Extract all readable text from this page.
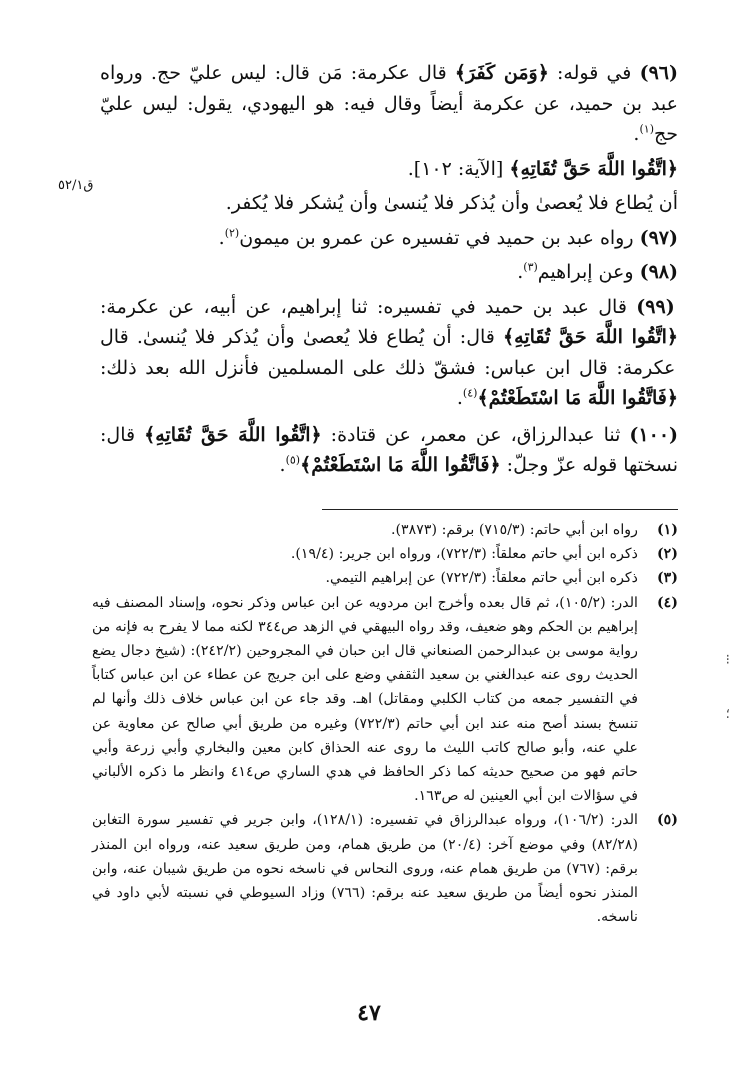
(٩٦) في قوله: ﴿وَمَن كَفَرَ﴾ قال عكرمة: مَن قال: ليس عليّ حج. ورواه عبد بن حميد، عن عكرمة أيضاً وقال فيه: هو اليهودي، يقول: ليس عليّ حج$^{(١)}$.

﴿اتَّقُوا اللَّهَ حَقَّ تُقَاتِهِ﴾ [الآية: ١٠٢].

أن يُطاع فلا يُعصىٰ وأن يُذكر فلا يُنسىٰ وأن يُشكر فلا يُكفر.

(٩٧) رواه عبد بن حميد في تفسيره عن عمرو بن ميمون$^{(٢)}$.

(٩٨) وعن إبراهيم$^{(٣)}$.

(٩٩) قال عبد بن حميد في تفسيره: ثنا إبراهيم، عن أبيه، عن عكرمة: ﴿اتَّقُوا اللَّهَ حَقَّ تُقَاتِهِ﴾ قال: أن يُطاع فلا يُعصىٰ وأن يُذكر فلا يُنسىٰ. قال عكرمة: قال ابن عباس: فشقّ ذلك على المسلمين فأنزل الله بعد ذلك: ﴿فَاتَّقُوا اللَّهَ مَا اسْتَطَعْتُمْ﴾$^{(٤)}$.

(١٠٠) ثنا عبدالرزاق، عن معمر، عن قتادة: ﴿اتَّقُوا اللَّهَ حَقَّ تُقَاتِهِ﴾ قال: نسختها قوله عزّ وجلّ: ﴿فَاتَّقُوا اللَّهَ مَا اسْتَطَعْتُمْ﴾$^{(٥)}$.

ق٥٢/١
⁝
؛
(١)
رواه ابن أبي حاتم: (٧١٥/٣) برقم: (٣٨٧٣).
(٢)
ذكره ابن أبي حاتم معلقاً: (٧٢٢/٣)، ورواه ابن جرير: (١٩/٤).
(٣)
ذكره ابن أبي حاتم معلقاً: (٧٢٢/٣) عن إبراهيم التيمي.
(٤)
الدر: (١٠٥/٢)، ثم قال بعده وأخرج ابن مردويه عن ابن عباس وذكر نحوه، وإسناد المصنف فيه إبراهيم بن الحكم وهو ضعيف، وقد رواه البيهقي في الزهد ص٣٤٤ لكنه مما لا يفرح به فإنه من رواية موسى بن عبدالرحمن الصنعاني قال ابن حبان في المجروحين (٢٤٢/٢): (شيخ دجال يضع الحديث روى عنه عبدالغني بن سعيد الثقفي وضع على ابن جريج عن عطاء عن ابن عباس كتاباً في التفسير جمعه من كتاب الكلبي ومقاتل) اهـ. وقد جاء عن ابن عباس خلاف ذلك وأنها لم تنسخ بسند أصح منه عند ابن أبي حاتم (٧٢٢/٣) وغيره من طريق أبي صالح عن معاوية عن علي عنه، وأبو صالح كاتب الليث ما روى عنه الحذاق كابن معين والبخاري وأبي زرعة وأبي حاتم فهو من صحيح حديثه كما ذكر الحافظ في هدي الساري ص٤١٤ وانظر ما ذكره الألباني في سؤالات ابن أبي العينين له ص١٦٣.
(٥)
الدر: (١٠٦/٢)، ورواه عبدالرزاق في تفسيره: (١٢٨/١)، وابن جرير في تفسير سورة التغابن (٨٢/٢٨) وفي موضع آخر: (٢٠/٤) من طريق همام، ومن طريق سعيد عنه، ورواه ابن المنذر برقم: (٧٦٧) من طريق همام عنه، وروى النحاس في ناسخه نحوه من طريق شيبان عنه، وابن المنذر نحوه أيضاً من طريق سعيد عنه برقم: (٧٦٦) وزاد السيوطي في نسبته لأبي داود في ناسخه.
٤٧
